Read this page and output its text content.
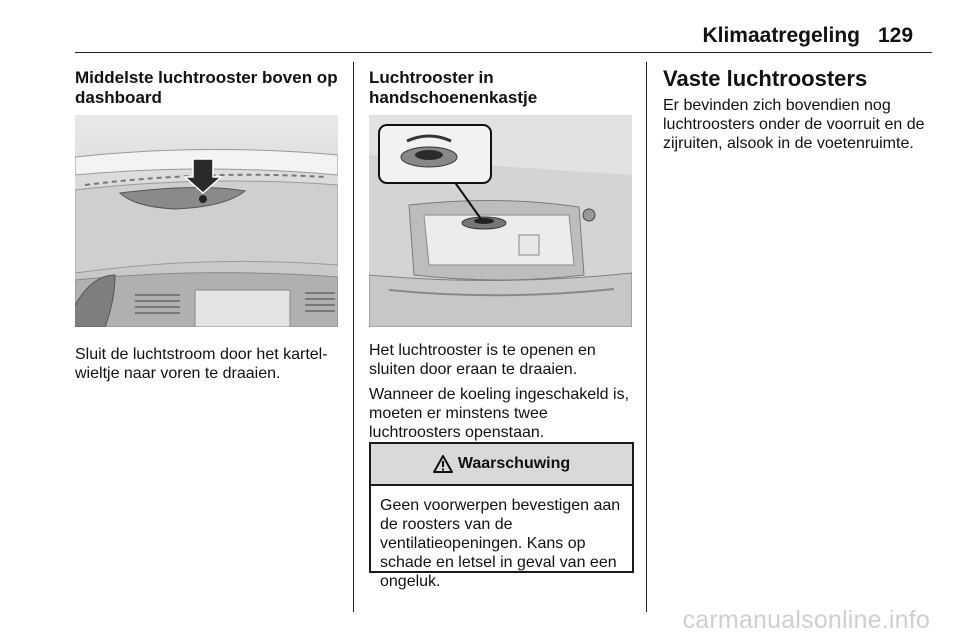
Klimaatregeling 129
Middelste luchtrooster boven op dashboard

Sluit de luchtstroom door het kartel-wieltje naar voren te draaien.

Luchtrooster in handschoenenkastje

Het luchtrooster is te openen en sluiten door eraan te draaien.

Wanneer de koeling ingeschakeld is, moeten er minstens twee luchtroosters openstaan.

Waarschuwing
Geen voorwerpen bevestigen aan de roosters van de ventilatieopeningen. Kans op schade en letsel in geval van een ongeluk.
Vaste luchtroosters

Er bevinden zich bovendien nog luchtroosters onder de voorruit en de zijruiten, alsook in de voetenruimte.

carmanualsonline.info
